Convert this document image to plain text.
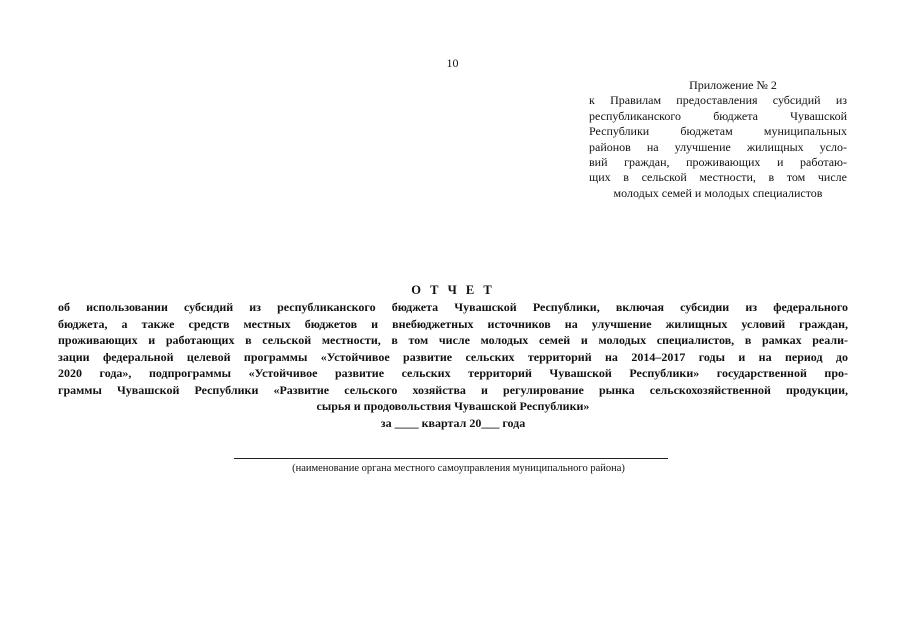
10
Приложение № 2
к Правилам предоставления субсидий из
республиканского бюджета Чувашской
Республики бюджетам муниципальных
районов на улучшение жилищных усло-
вий граждан, проживающих и работаю-
щих в сельской местности, в том числе
молодых семей и молодых специалистов
О Т Ч Е Т
об использовании субсидий из республиканского бюджета Чувашской Республики, включая субсидии из федерального
бюджета, а также средств местных бюджетов и внебюджетных источников на улучшение жилищных условий граждан,
проживающих и работающих в сельской местности, в том числе молодых семей и молодых специалистов, в рамках реали-
зации федеральной целевой программы «Устойчивое развитие сельских территорий на 2014–2017 годы и на период до
2020 года», подпрограммы «Устойчивое развитие сельских территорий Чувашской Республики» государственной про-
граммы Чувашской Республики «Развитие сельского хозяйства и регулирование рынка сельскохозяйственной продукции,
сырья и продовольствия Чувашской Республики»
за ____ квартал 20___ года
(наименование органа местного самоуправления муниципального района)
